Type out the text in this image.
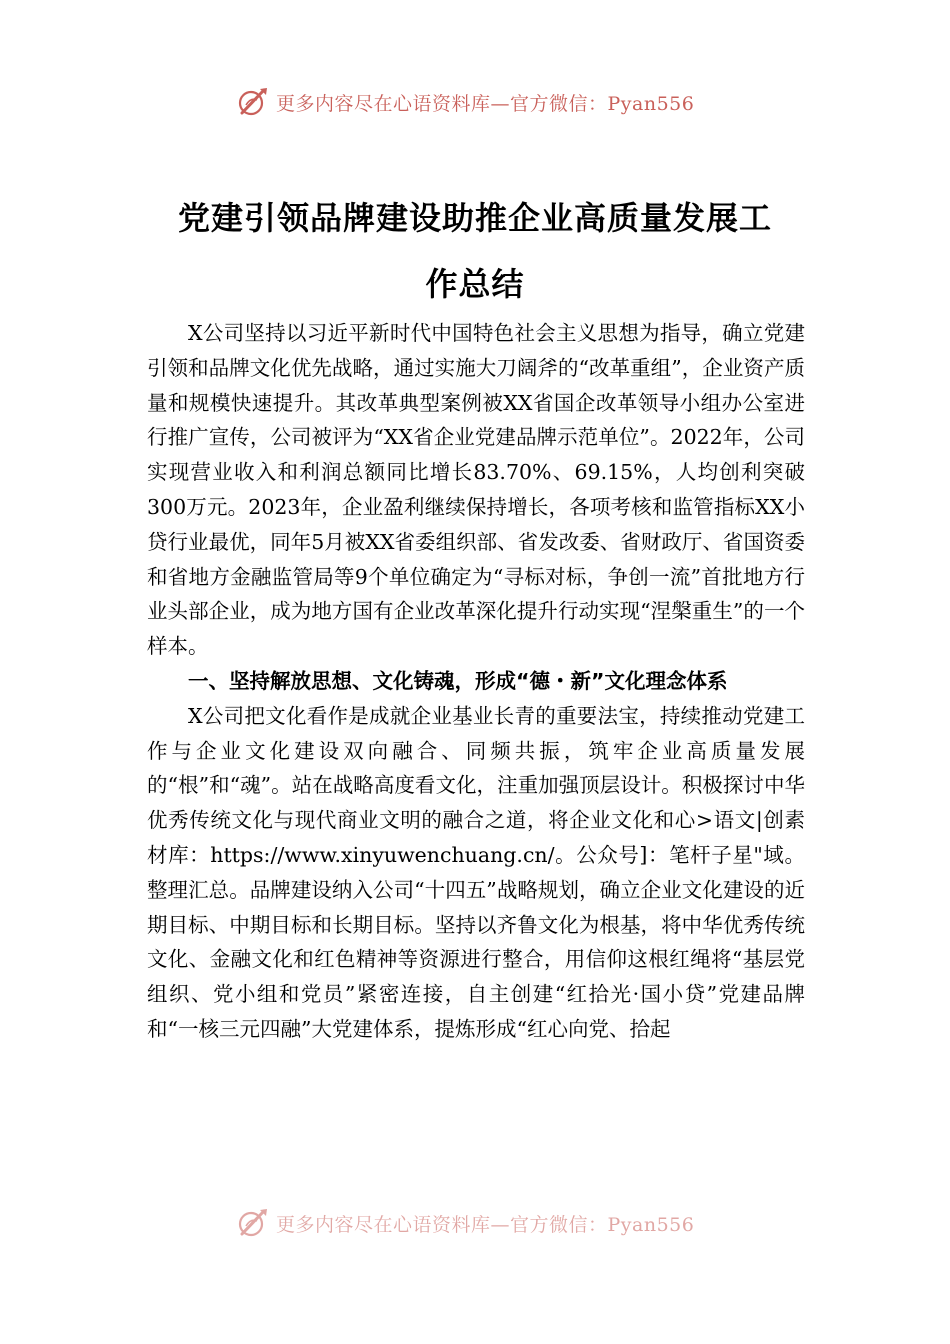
更多内容尽在心语资料库—官方微信：Pyan556
党建引领品牌建设助推企业高质量发展工
作总结

X公司坚持以习近平新时代中国特色社会主义思想为指导，确立党建引领和品牌文化优先战略，通过实施大刀阔斧的“改革重组”，企业资产质量和规模快速提升。其改革典型案例被XX省国企改革领导小组办公室进行推广宣传，公司被评为“XX省企业党建品牌示范单位”。2022年，公司实现营业收入和利润总额同比增长83.70%、69.15%，人均创利突破300万元。2023年，企业盈利继续保持增长，各项考核和监管指标XX小贷行业最优，同年5月被XX省委组织部、省发改委、省财政厅、省国资委和省地方金融监管局等9个单位确定为“寻标对标，争创一流”首批地方行业头部企业，成为地方国有企业改革深化提升行动实现“涅槃重生”的一个样本。

一、坚持解放思想、文化铸魂，形成“德・新”文化理念体系

X公司把文化看作是成就企业基业长青的重要法宝，持续推动党建工作与企业文化建设双向融合、同频共振，筑牢企业高质量发展的“根”和“魂”。站在战略高度看文化，注重加强顶层设计。积极探讨中华优秀传统文化与现代商业文明的融合之道，将企业文化和心>语文|创素材库：https://www.xinyuwenchuang.cn/。公众号]：笔杆子星"域。整理汇总。品牌建设纳入公司“十四五”战略规划，确立企业文化建设的近期目标、中期目标和长期目标。坚持以齐鲁文化为根基，将中华优秀传统文化、金融文化和红色精神等资源进行整合，用信仰这根红绳将“基层党组织、党小组和党员”紧密连接，自主创建“红拾光·国小贷”党建品牌和“一核三元四融”大党建体系，提炼形成“红心向党、拾起

更多内容尽在心语资料库—官方微信：Pyan556
